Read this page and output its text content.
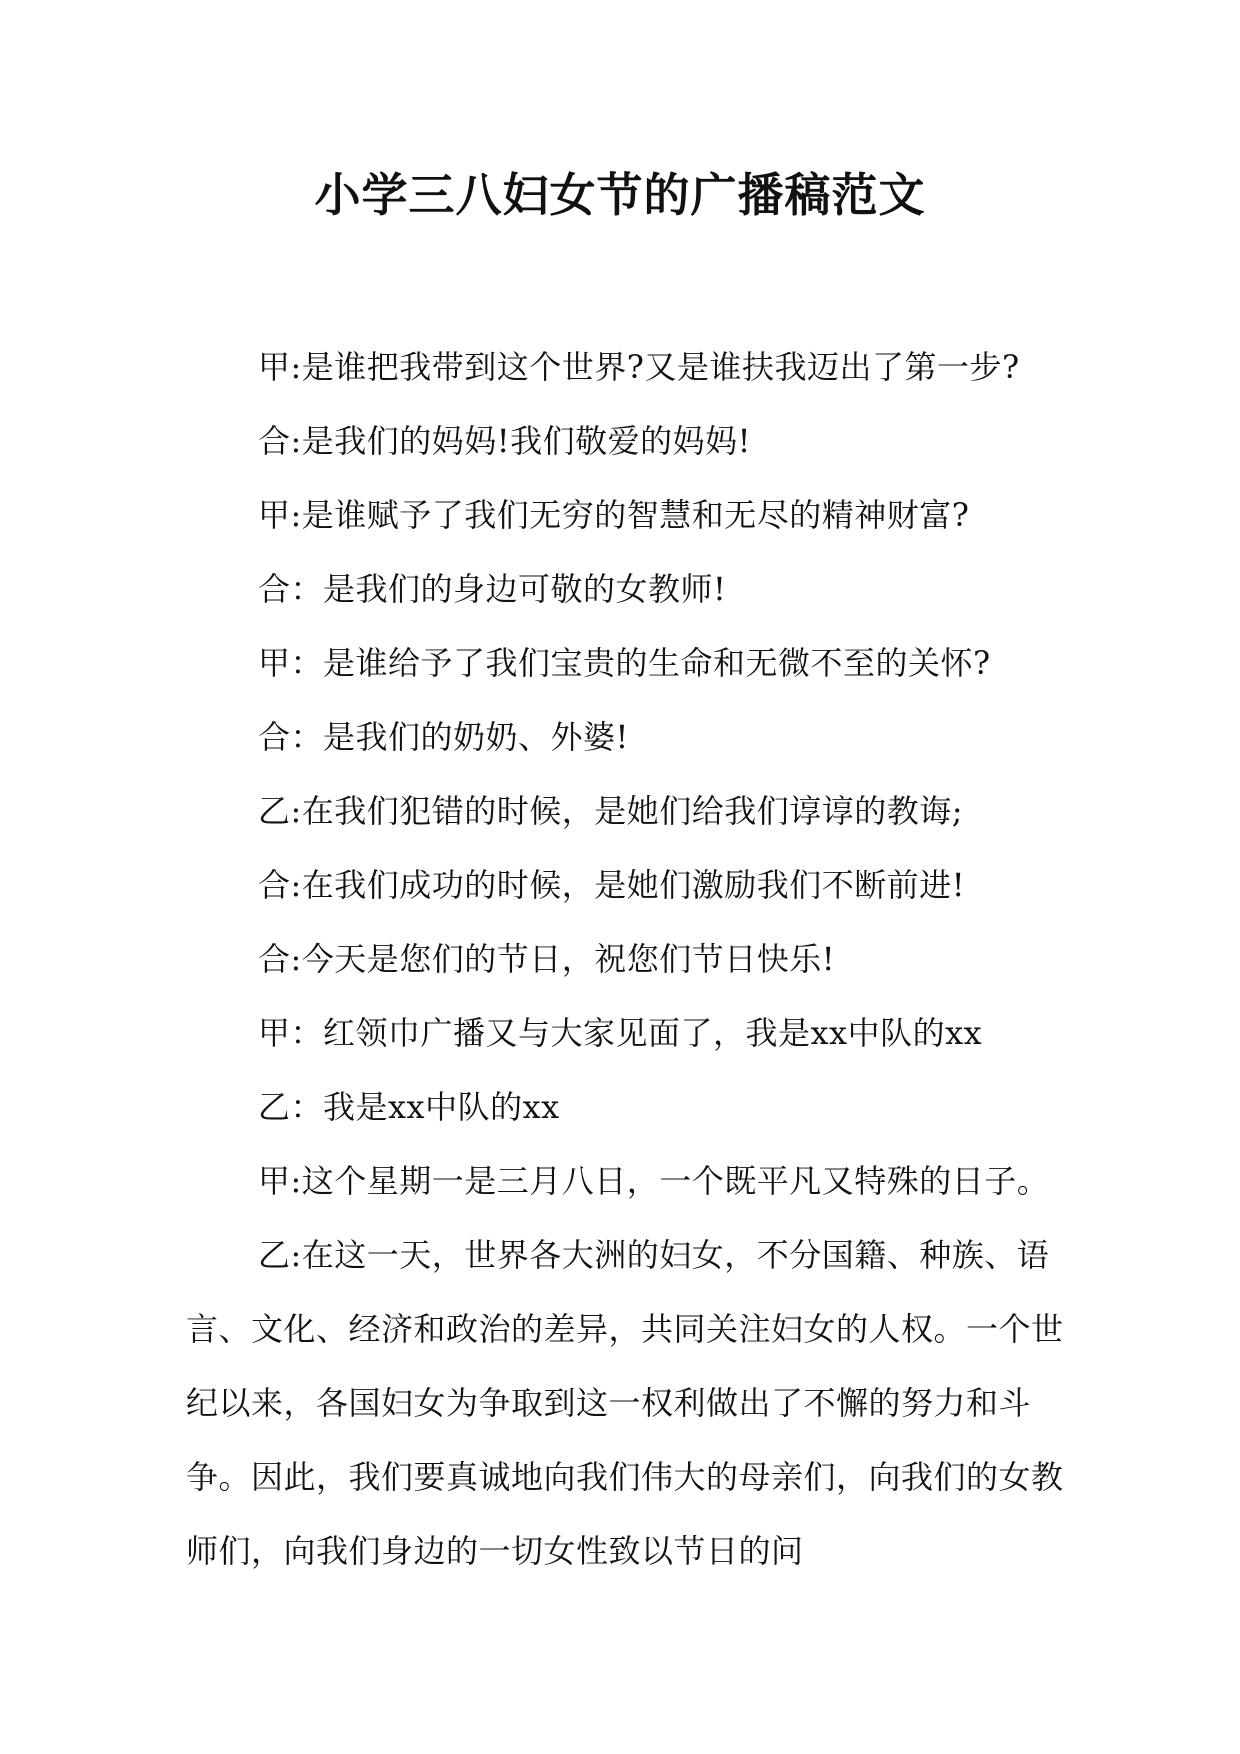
小学三八妇女节的广播稿范文

甲:是谁把我带到这个世界?又是谁扶我迈出了第一步?

合:是我们的妈妈!我们敬爱的妈妈!

甲:是谁赋予了我们无穷的智慧和无尽的精神财富?

合：是我们的身边可敬的女教师!

甲：是谁给予了我们宝贵的生命和无微不至的关怀?

合：是我们的奶奶、外婆!

乙:在我们犯错的时候，是她们给我们谆谆的教诲;

合:在我们成功的时候，是她们激励我们不断前进!

合:今天是您们的节日，祝您们节日快乐!

甲：红领巾广播又与大家见面了，我是xx中队的xx

乙：我是xx中队的xx

甲:这个星期一是三月八日，一个既平凡又特殊的日子。

乙:在这一天，世界各大洲的妇女，不分国籍、种族、语言、文化、经济和政治的差异，共同关注妇女的人权。一个世纪以来，各国妇女为争取到这一权利做出了不懈的努力和斗争。因此，我们要真诚地向我们伟大的母亲们，向我们的女教师们，向我们身边的一切女性致以节日的问
